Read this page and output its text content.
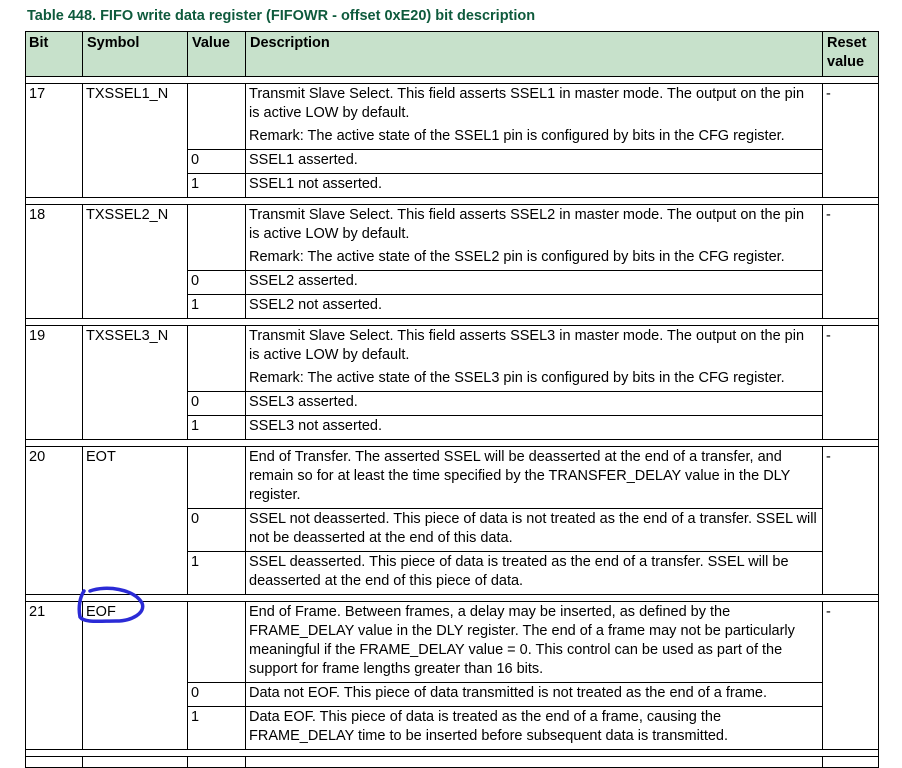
Table 448. FIFO write data register (FIFOWR - offset 0xE20) bit description
Bit	Symbol	Value	Description	Reset value

17	TXSSEL1_N		Transmit Slave Select. This field asserts SSEL1 in master mode. The output on the pin is active LOW by default.
Remark: The active state of the SSEL1 pin is configured by bits in the CFG register.	-
		0	SSEL1 asserted.	
		1	SSEL1 not asserted.	

18	TXSSEL2_N		Transmit Slave Select. This field asserts SSEL2 in master mode. The output on the pin is active LOW by default.
Remark: The active state of the SSEL2 pin is configured by bits in the CFG register.	-
		0	SSEL2 asserted.	
		1	SSEL2 not asserted.	

19	TXSSEL3_N		Transmit Slave Select. This field asserts SSEL3 in master mode. The output on the pin is active LOW by default.
Remark: The active state of the SSEL3 pin is configured by bits in the CFG register.	-
		0	SSEL3 asserted.	
		1	SSEL3 not asserted.	

20	EOT		End of Transfer. The asserted SSEL will be deasserted at the end of a transfer, and remain so for at least the time specified by the TRANSFER_DELAY value in the DLY register.	-
		0	SSEL not deasserted. This piece of data is not treated as the end of a transfer. SSEL will not be deasserted at the end of this data.	
		1	SSEL deasserted. This piece of data is treated as the end of a transfer. SSEL will be deasserted at the end of this piece of data.	

21	EOF		End of Frame. Between frames, a delay may be inserted, as defined by the FRAME_DELAY value in the DLY register. The end of a frame may not be particularly meaningful if the FRAME_DELAY value = 0. This control can be used as part of the support for frame lengths greater than 16 bits.	-
		0	Data not EOF. This piece of data transmitted is not treated as the end of a frame.	
		1	Data EOF. This piece of data is treated as the end of a frame, causing the FRAME_DELAY time to be inserted before subsequent data is transmitted.	
